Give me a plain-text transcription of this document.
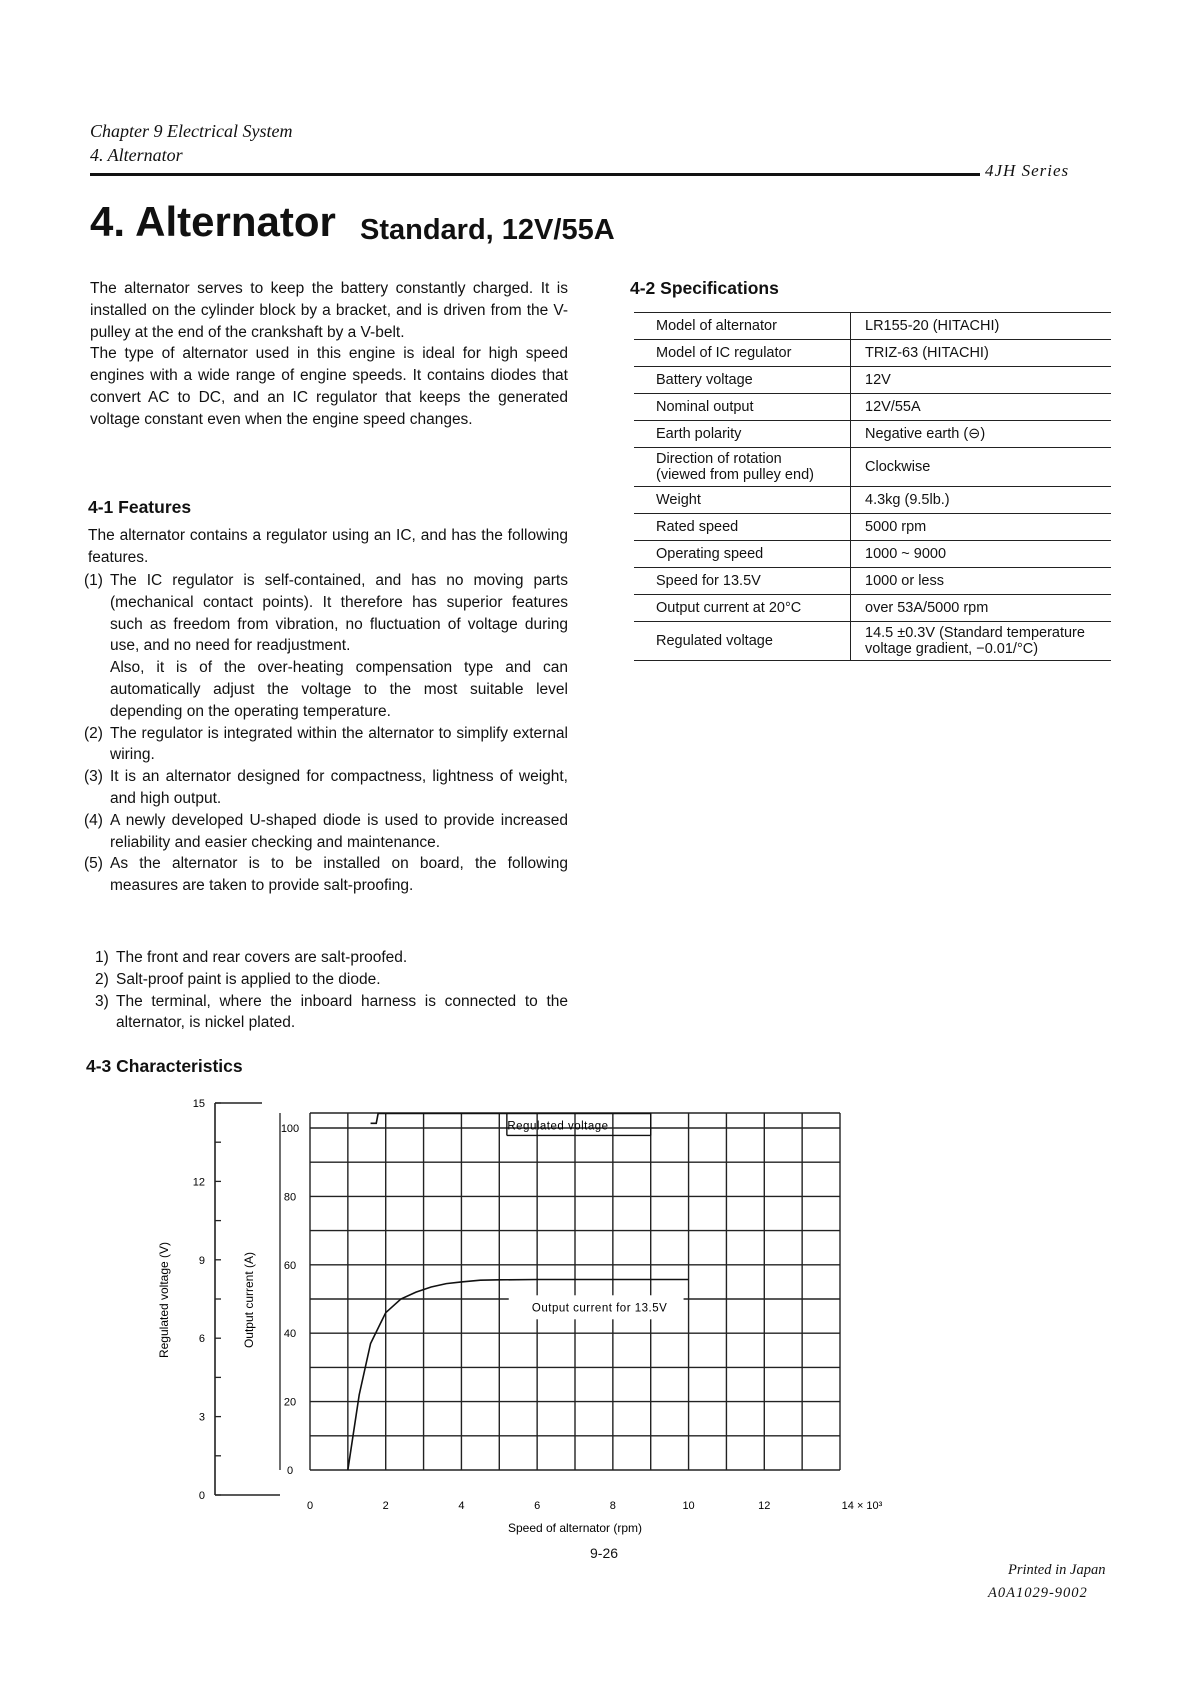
Chapter 9 Electrical System
4. Alternator
4JH Series
4. Alternator Standard, 12V/55A

The alternator serves to keep the battery constantly charged. It is installed on the cylinder block by a bracket, and is driven from the V-pulley at the end of the crankshaft by a V-belt.

The type of alternator used in this engine is ideal for high speed engines with a wide range of engine speeds. It contains diodes that convert AC to DC, and an IC regulator that keeps the generated voltage constant even when the engine speed changes.

4-1 Features
The alternator contains a regulator using an IC, and has the following features.
(1) The IC regulator is self-contained, and has no moving parts (mechanical contact points). It therefore has superior features such as freedom from vibration, no fluctuation of voltage during use, and no need for readjustment.
Also, it is of the over-heating compensation type and can automatically adjust the voltage to the most suitable level depending on the operating temperature.
(2) The regulator is integrated within the alternator to simplify external wiring.
(3) It is an alternator designed for compactness, lightness of weight, and high output.
(4) A newly developed U-shaped diode is used to provide increased reliability and easier checking and maintenance.
(5) As the alternator is to be installed on board, the following measures are taken to provide salt-proofing.
1) The front and rear covers are salt-proofed.
2) Salt-proof paint is applied to the diode.
3) The terminal, where the inboard harness is connected to the alternator, is nickel plated.
4-2 Specifications
Model of alternator	LR155-20 (HITACHI)
Model of IC regulator	TRIZ-63 (HITACHI)
Battery voltage	12V
Nominal output	12V/55A
Earth polarity	Negative earth (⊖)
Direction of rotation
(viewed from pulley end)	Clockwise
Weight	4.3kg (9.5lb.)
Rated speed	5000 rpm
Operating speed	1000 ~ 9000
Speed for 13.5V	1000 or less
Output current at 20°C	over 53A/5000 rpm
Regulated voltage	14.5 ±0.3V (Standard temperature
voltage gradient, −0.01/°C)
4-3 Characteristics
0
3
6
9
12
15
0
20
40
60
80
100
0	2	4	6	8	10	12	14 × 10³
Regulated voltage (V)	Output current (A)
Speed of alternator (rpm)
Regulated voltage
Output current for 13.5V
9-26
Printed in Japan
A0A1029-9002
